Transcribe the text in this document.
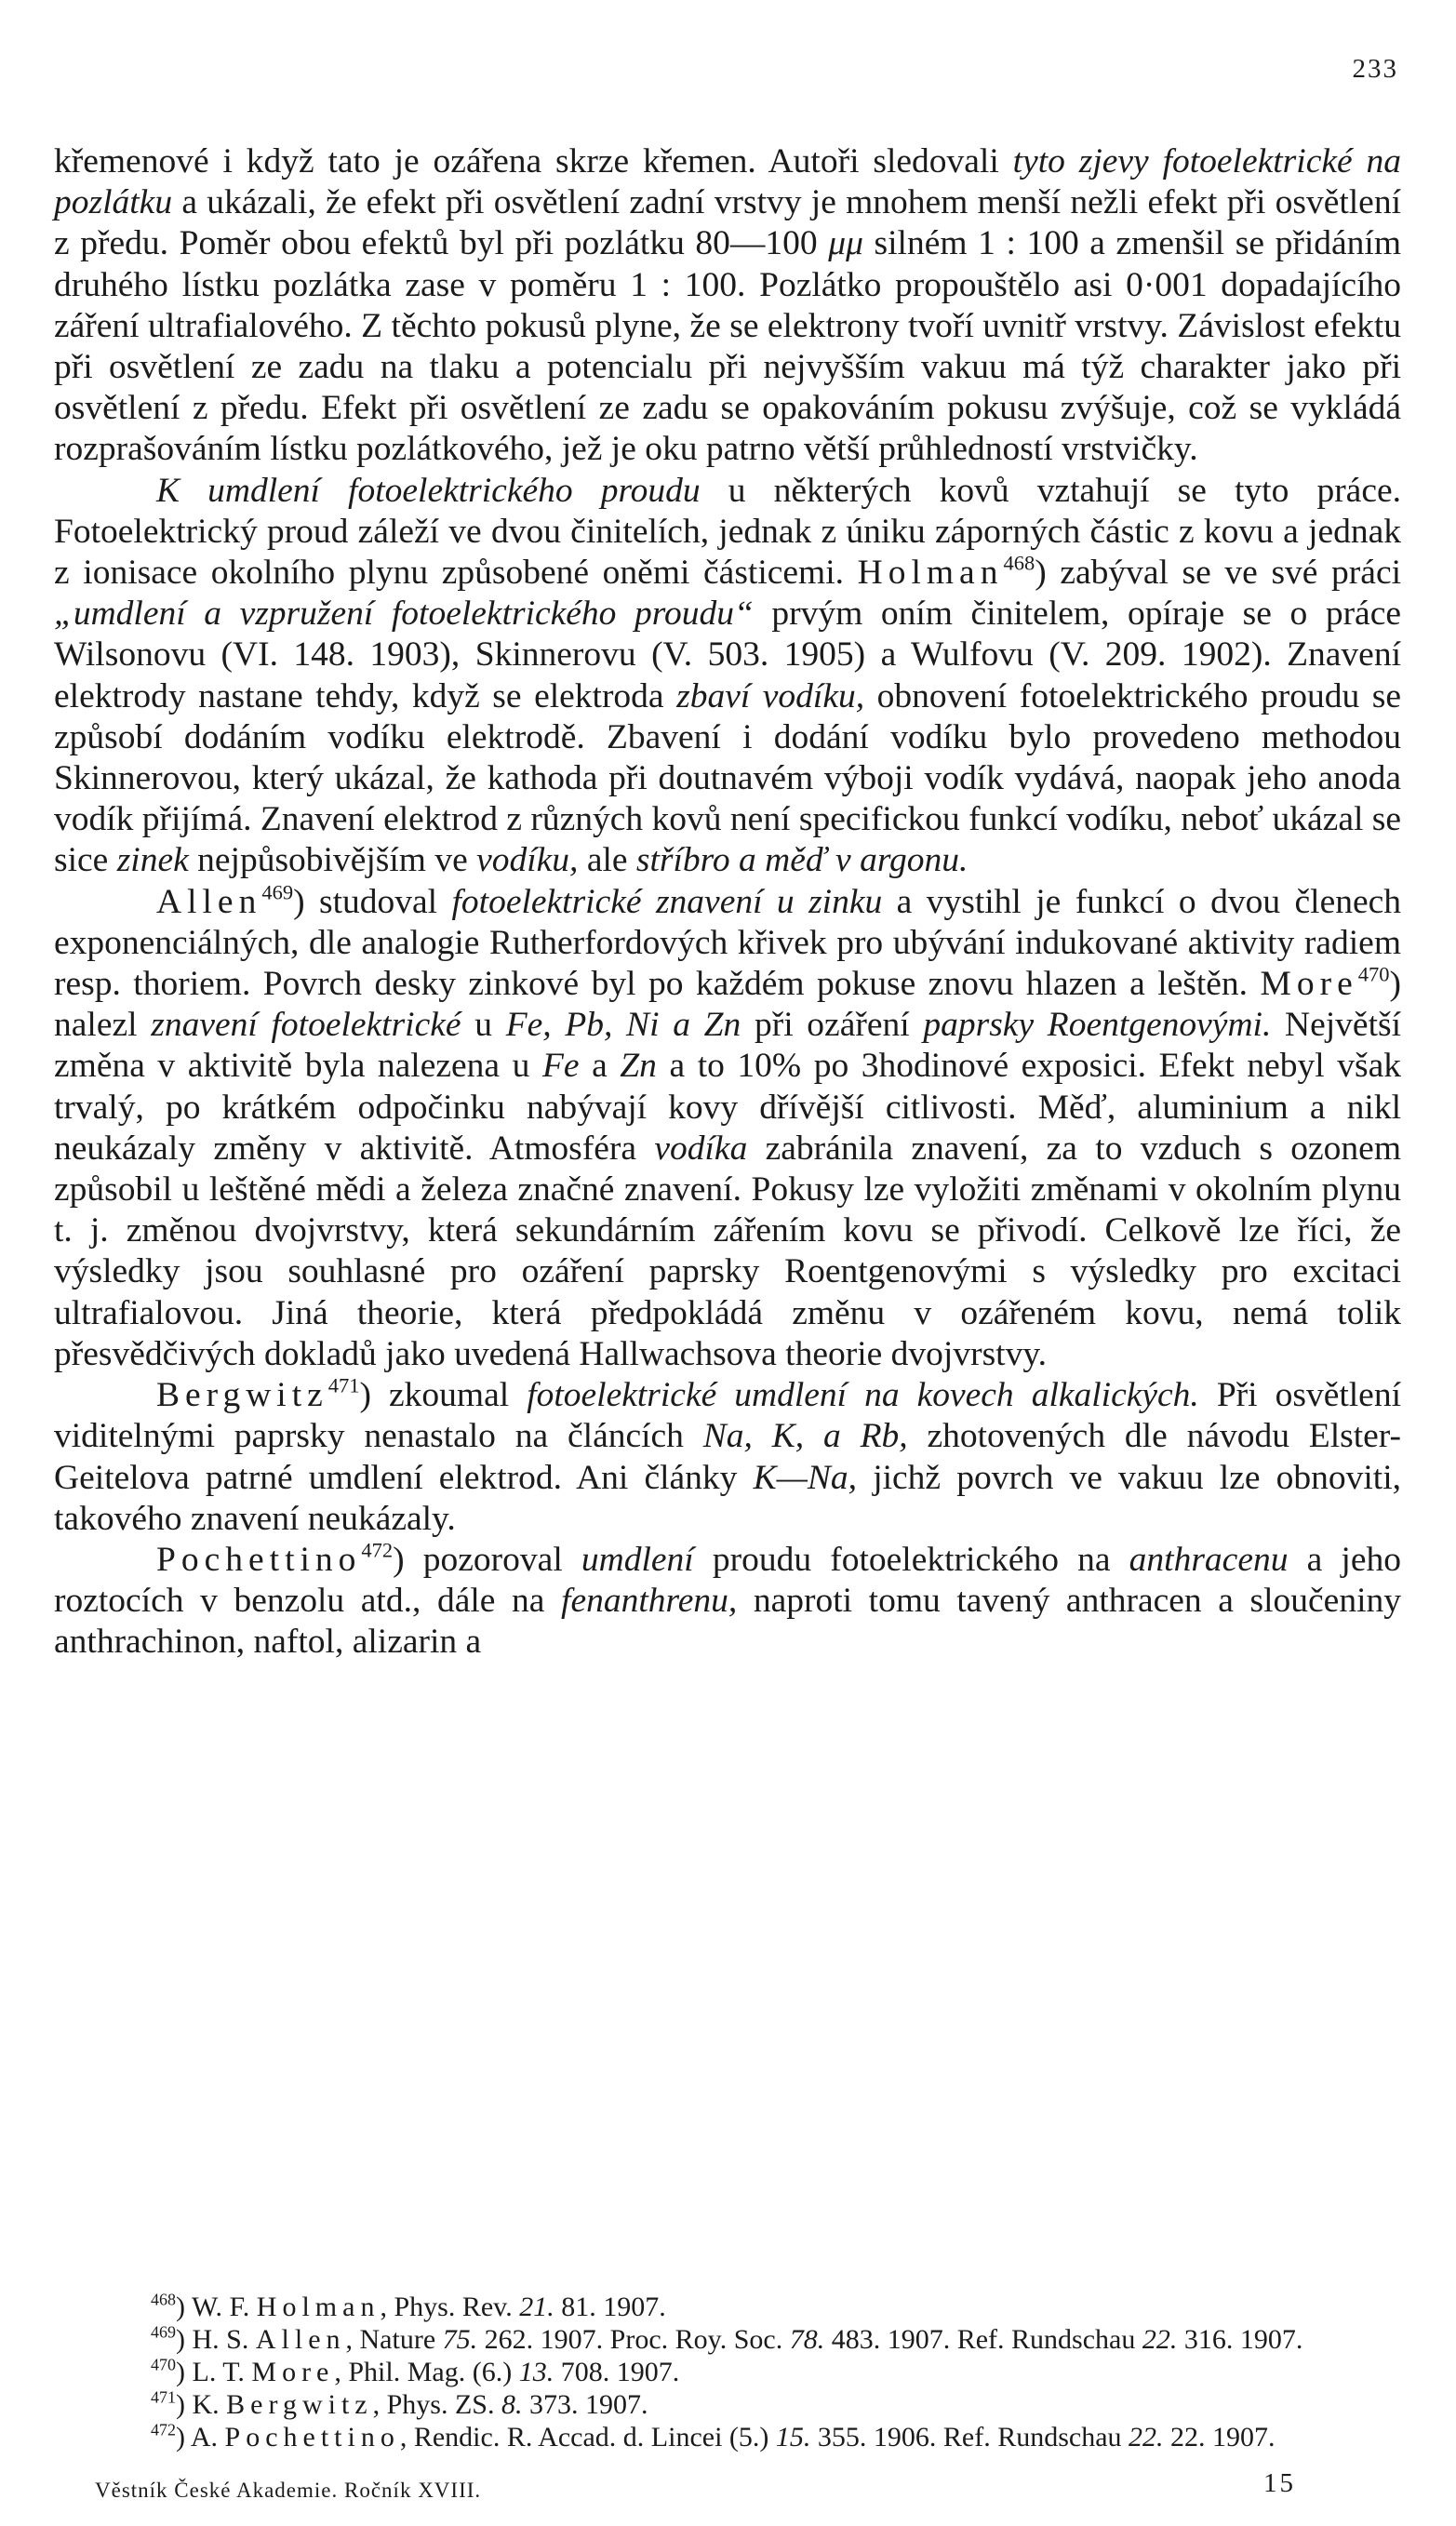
233

křemenové i když tato je ozářena skrze křemen. Autoři sledovali tyto zjevy fotoelektrické na pozlátku a ukázali, že efekt při osvětlení zadní vrstvy je mnohem menší nežli efekt při osvětlení z předu. Poměr obou efektů byl při pozlátku 80—100 μμ silném 1 : 100 a zmenšil se přidáním druhého lístku pozlátka zase v poměru 1 : 100. Pozlátko propouštělo asi 0·001 dopadajícího záření ultrafialového. Z těchto pokusů plyne, že se elektrony tvoří uvnitř vrstvy. Závislost efektu při osvětlení ze zadu na tlaku a potencialu při nejvyšším vakuu má týž charakter jako při osvětlení z předu. Efekt při osvětlení ze zadu se opakováním pokusu zvýšuje, což se vykládá rozprašováním lístku pozlátkového, jež je oku patrno větší průhledností vrstvičky.

K umdlení fotoelektrického proudu u některých kovů vztahují se tyto práce. Fotoelektrický proud záleží ve dvou činitelích, jednak z úniku záporných částic z kovu a jednak z ionisace okolního plynu způsobené oněmi částicemi. Holman$^{468}$) zabýval se ve své práci „umdlení a vzpružení fotoelektrického proudu“ prvým oním činitelem, opíraje se o práce Wilsonovu (VI. 148. 1903), Skinnerovu (V. 503. 1905) a Wulfovu (V. 209. 1902). Znavení elektrody nastane tehdy, když se elektroda zbaví vodíku, obnovení fotoelektrického proudu se způsobí dodáním vodíku elektrodě. Zbavení i dodání vodíku bylo provedeno methodou Skinnerovou, který ukázal, že kathoda při doutnavém výboji vodík vydává, naopak jeho anoda vodík přijímá. Znavení elektrod z různých kovů není specifickou funkcí vodíku, neboť ukázal se sice zinek nejpůsobivějším ve vodíku, ale stříbro a měď v argonu.

Allen$^{469}$) studoval fotoelektrické znavení u zinku a vystihl je funkcí o dvou členech exponenciálných, dle analogie Rutherfordových křivek pro ubývání indukované aktivity radiem resp. thoriem. Povrch desky zinkové byl po každém pokuse znovu hlazen a leštěn. More$^{470}$) nalezl znavení fotoelektrické u Fe, Pb, Ni a Zn při ozáření paprsky Roentgenovými. Největší změna v aktivitě byla nalezena u Fe a Zn a to 10% po 3hodinové exposici. Efekt nebyl však trvalý, po krátkém odpočinku nabývají kovy dřívější citlivosti. Měď, aluminium a nikl neukázaly změny v aktivitě. Atmosféra vodíka zabránila znavení, za to vzduch s ozonem způsobil u leštěné mědi a železa značné znavení. Pokusy lze vyložiti změnami v okolním plynu t. j. změnou dvojvrstvy, která sekundárním zářením kovu se přivodí. Celkově lze říci, že výsledky jsou souhlasné pro ozáření paprsky Roentgenovými s výsledky pro excitaci ultrafialovou. Jiná theorie, která předpokládá změnu v ozářeném kovu, nemá tolik přesvědčivých dokladů jako uvedená Hallwachsova theorie dvojvrstvy.

Bergwitz$^{471}$) zkoumal fotoelektrické umdlení na kovech alkalických. Při osvětlení viditelnými paprsky nenastalo na článcích Na, K, a Rb, zhotovených dle návodu Elster-Geitelova patrné umdlení elektrod. Ani články K—Na, jichž povrch ve vakuu lze obnoviti, takového znavení neukázaly.

Pochettino$^{472}$) pozoroval umdlení proudu fotoelektrického na anthracenu a jeho roztocích v benzolu atd., dále na fenanthrenu, naproti tomu tavený anthracen a sloučeniny anthrachinon, naftol, alizarin a

$^{468}$) W. F. Holman, Phys. Rev. 21. 81. 1907.

$^{469}$) H. S. Allen, Nature 75. 262. 1907. Proc. Roy. Soc. 78. 483. 1907. Ref. Rundschau 22. 316. 1907.

$^{470}$) L. T. More, Phil. Mag. (6.) 13. 708. 1907.

$^{471}$) K. Bergwitz, Phys. ZS. 8. 373. 1907.

$^{472}$) A. Pochettino, Rendic. R. Accad. d. Lincei (5.) 15. 355. 1906. Ref. Rundschau 22. 22. 1907.

Věstník České Akademie. Ročník XVIII.	15
